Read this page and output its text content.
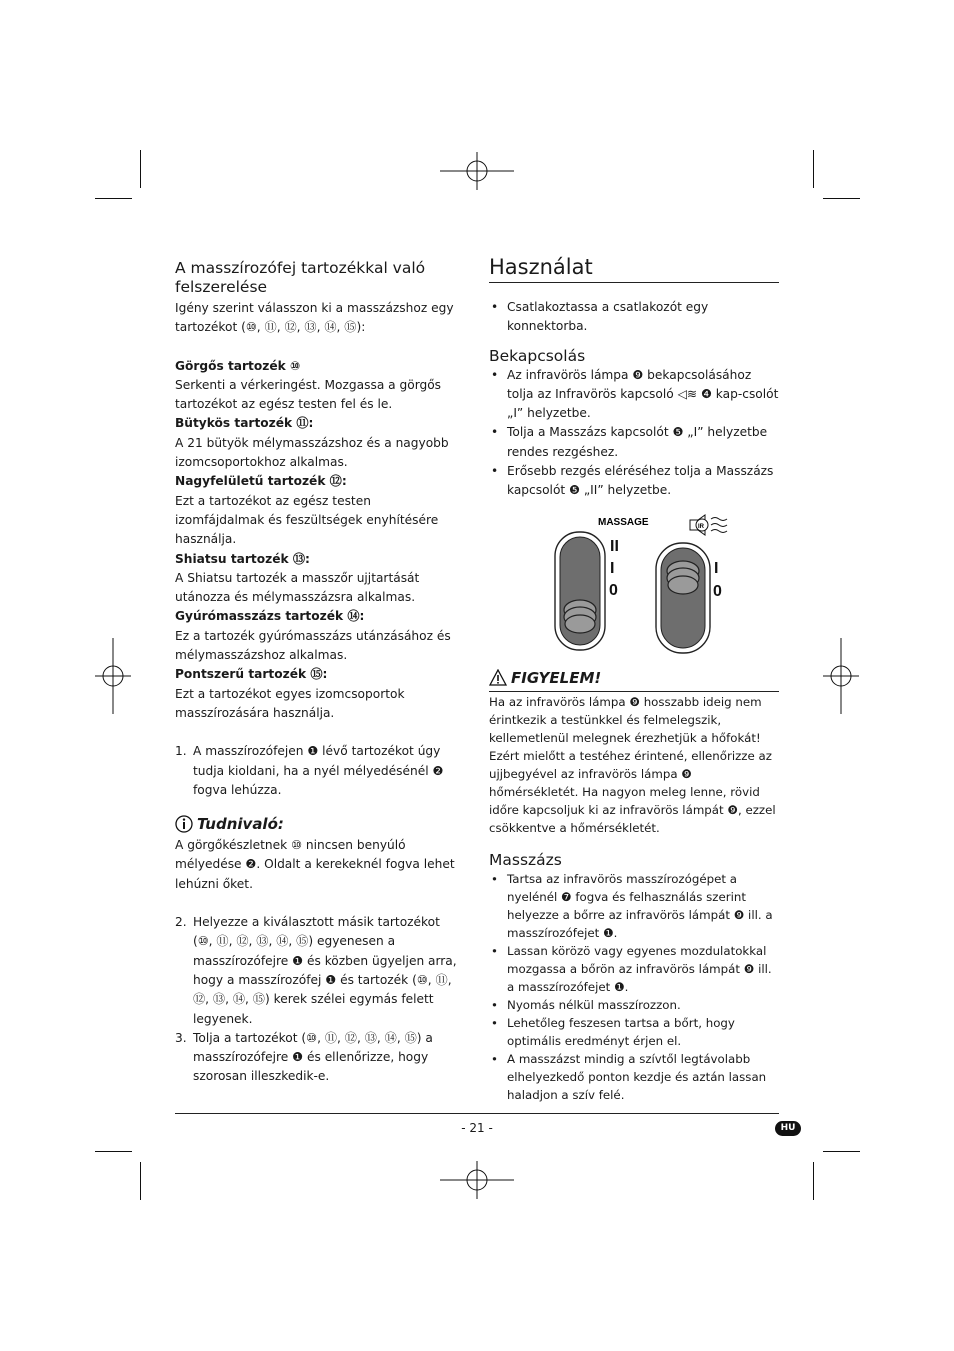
A masszírozófej tartozékkal való felszerelése

Igény szerint válasszon ki a masszázshoz egy tartozékot (⑩, ⑪, ⑫, ⑬, ⑭, ⑮):

Görgős tartozék ⑩

Serkenti a vérkeringést. Mozgassa a görgős tartozékot az egész testen fel és le.

Bütykös tartozék ⑪:

A 21 bütyök mélymasszázshoz és a nagyobb izomcsoportokhoz alkalmas.

Nagyfelületű tartozék ⑫:

Ezt a tartozékot az egész testen izomfájdalmak és feszültségek enyhítésére használja.

Shiatsu tartozék ⑬:

A Shiatsu tartozék a masszőr ujjtartását utánozza és mélymasszázsra alkalmas.

Gyúrómasszázs tartozék ⑭:

Ez a tartozék gyúrómasszázs utánzásához és mélymasszázshoz alkalmas.

Pontszerű tartozék ⑮:

Ezt a tartozékot egyes izomcsoportok masszírozására használja.

1. A masszírozófejen ❶ lévő tartozékot úgy tudja kioldani, ha a nyél mélyedésénél ❷ fogva lehúzza.

Tudnivaló:

A görgőkészletnek ⑩ nincsen benyúló mélyedése ❷. Oldalt a kerekeknél fogva lehet lehúzni őket.

2. Helyezze a kiválasztott másik tartozékot (⑩, ⑪, ⑫, ⑬, ⑭, ⑮) egyenesen a masszírozófejre ❶ és közben ügyeljen arra, hogy a masszírozófej ❶ és tartozék (⑩, ⑪, ⑫, ⑬, ⑭, ⑮) kerek szélei egymás felett legyenek.

3. Tolja a tartozékot (⑩, ⑪, ⑫, ⑬, ⑭, ⑮) a masszírozófejre ❶ és ellenőrizze, hogy szorosan illeszkedik-e.

Használat

• Csatlakoztassa a csatlakozót egy konnektorba.

Bekapcsolás

• Az infravörös lámpa ❾ bekapcsolásához tolja az Infravörös kapcsoló ◁≋ ❹ kap-csolót „I” helyzetbe.

• Tolja a Masszázs kapcsolót ❺ „I” helyzetbe rendes rezgéshez.

• Erősebb rezgés eléréséhez tolja a Masszázs kapcsolót ❺ „II” helyzetbe.

MASSAGE
II
I
0
IR
I
0
FIGYELEM!

Ha az infravörös lámpa ❾ hosszabb ideig nem érintkezik a testünkkel és felmelegszik, kellemetlenül melegnek érezhetjük a hőfokát! Ezért mielőtt a testéhez érintené, ellenőrizze az ujjbegyével az infravörös lámpa ❾ hőmérsékletét. Ha nagyon meleg lenne, rövid időre kapcsoljuk ki az infravörös lámpát ❾, ezzel csökkentve a hőmérsékletét.

Masszázs

• Tartsa az infravörös masszírozógépet a nyelénél ❼ fogva és felhasználás szerint helyezze a bőrre az infravörös lámpát ❾ ill. a masszírozófejet ❶.

• Lassan körözö vagy egyenes mozdulatokkal mozgassa a bőrön az infravörös lámpát ❾ ill. a masszírozófejet ❶.

• Nyomás nélkül masszírozzon.

• Lehetőleg feszesen tartsa a bőrt, hogy optimális eredményt érjen el.

• A masszázst mindig a szívtől legtávolabb elhelyezkedő ponton kezdje és aztán lassan haladjon a szív felé.

- 21 -	HU
